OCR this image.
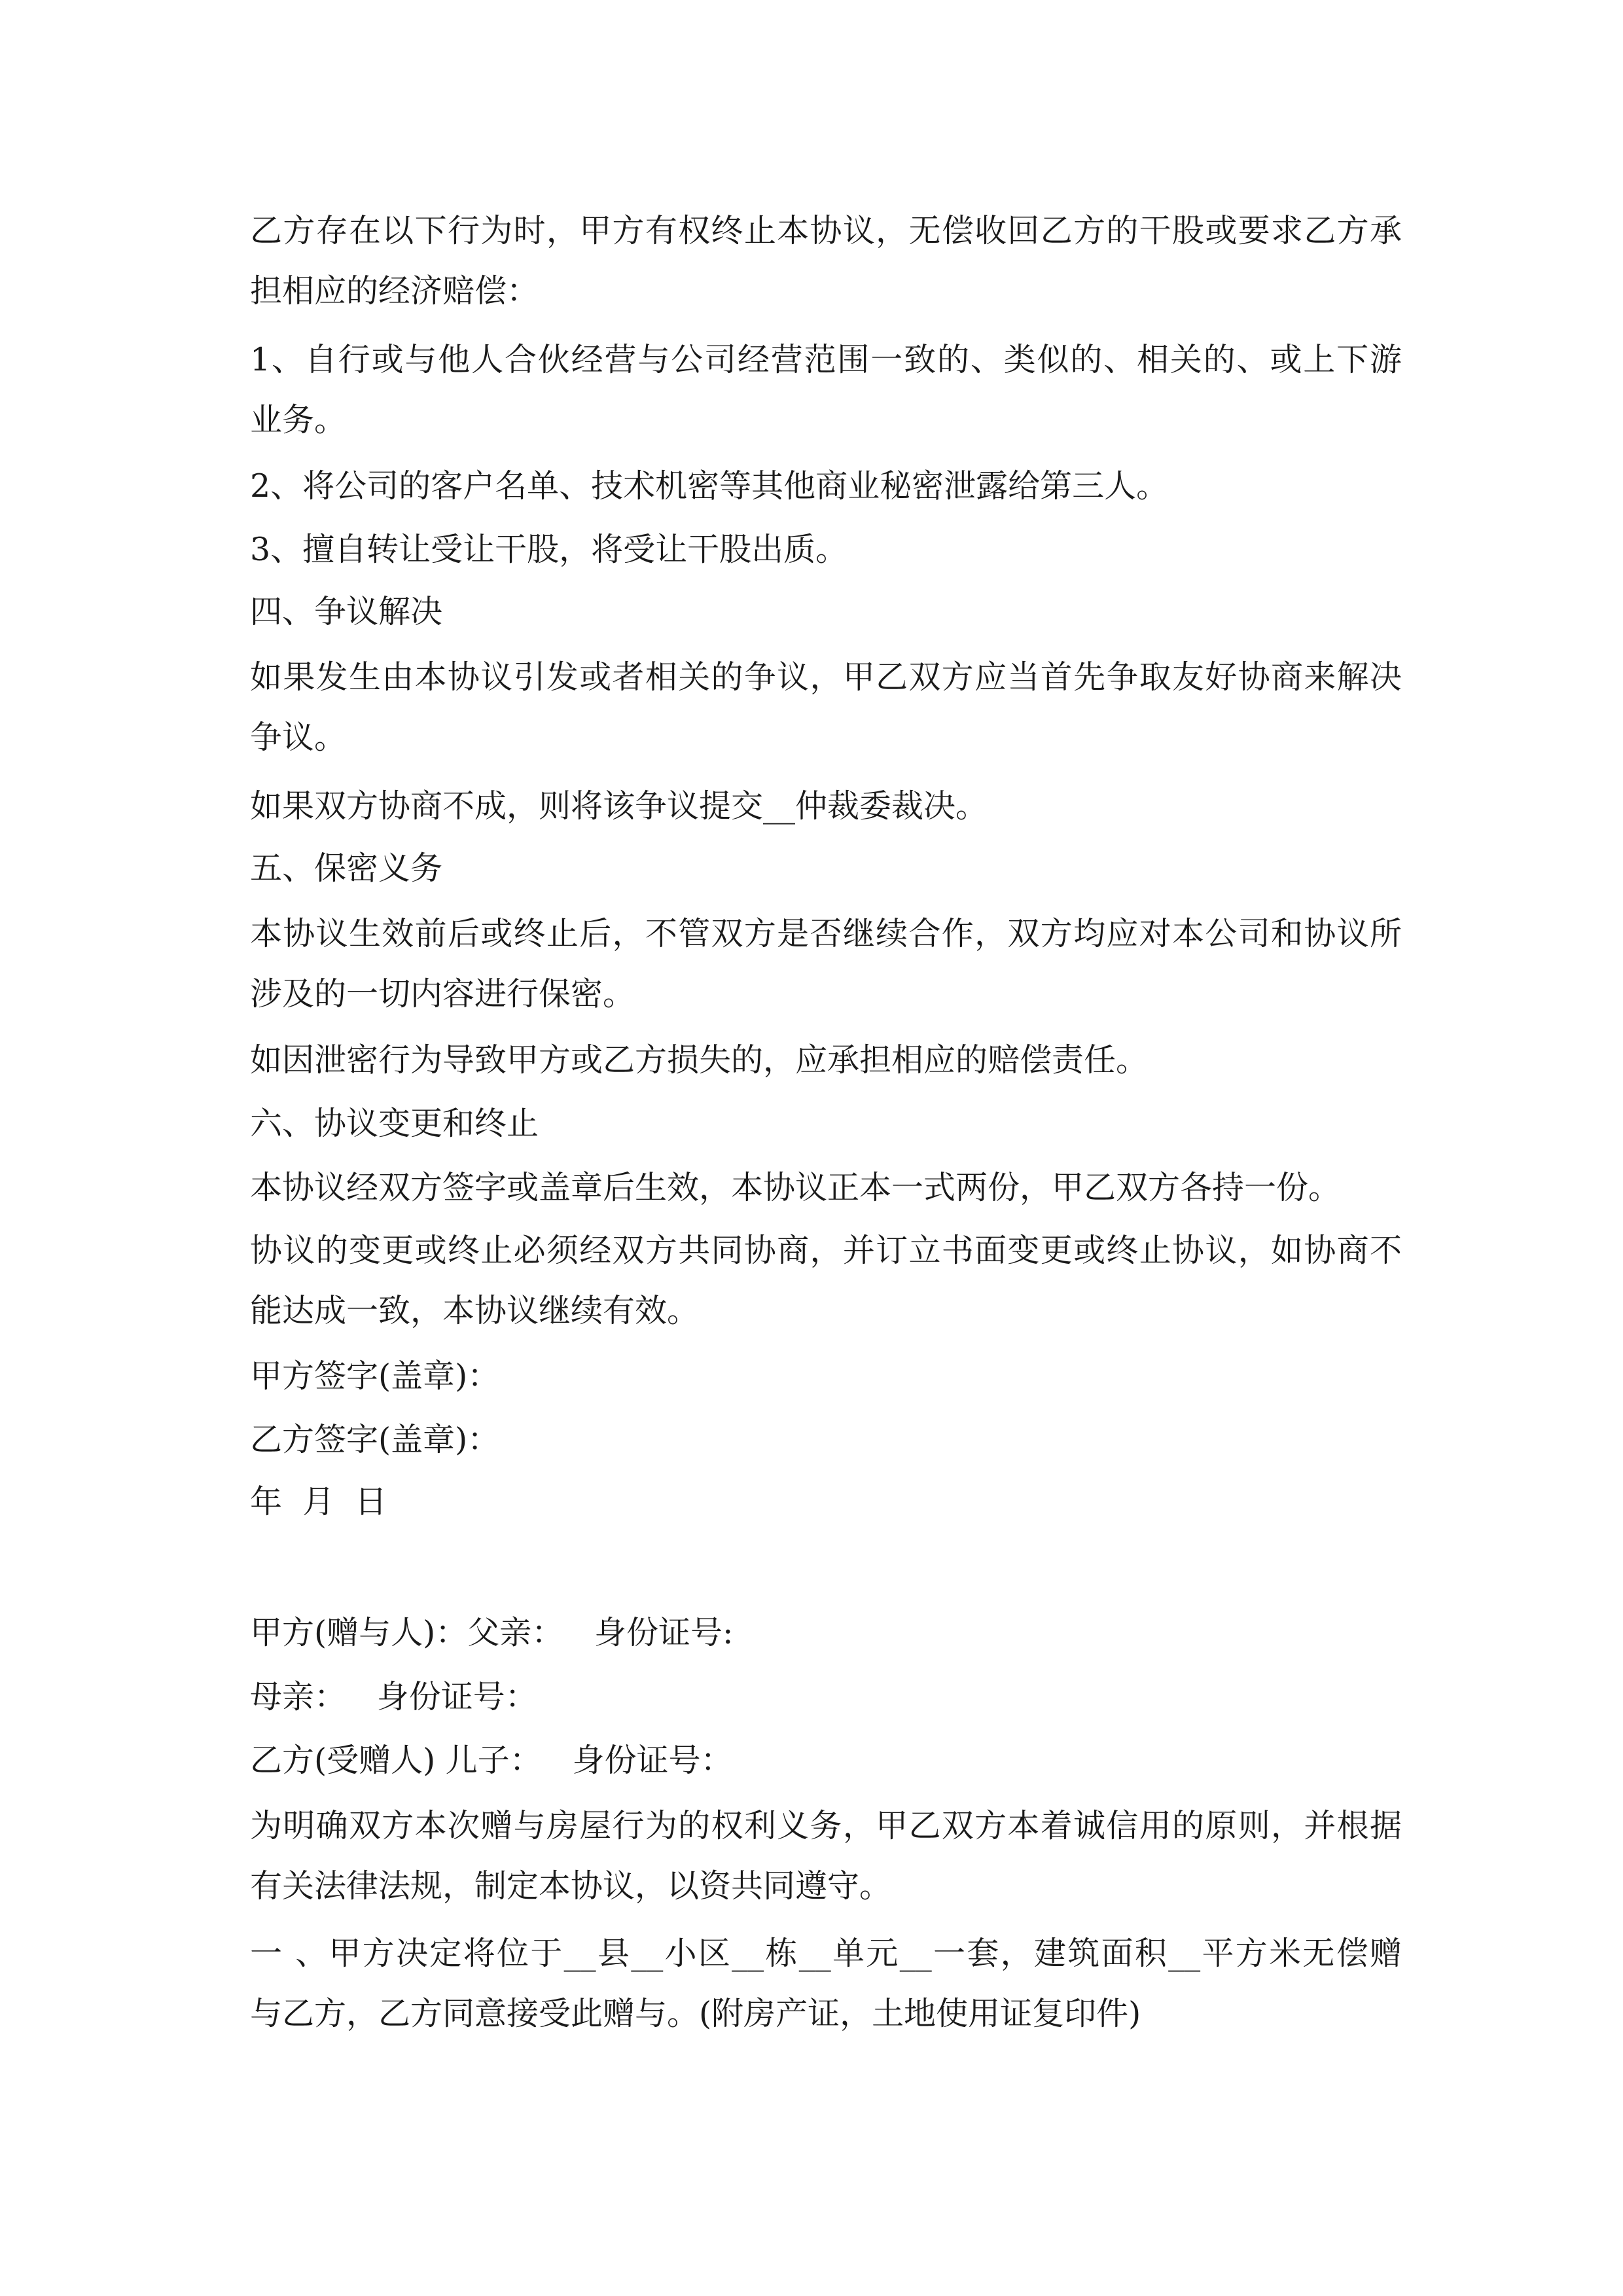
乙方存在以下行为时，甲方有权终止本协议，无偿收回乙方的干股或要求乙方承
担相应的经济赔偿：
1、自行或与他人合伙经营与公司经营范围一致的、类似的、相关的、或上下游
业务。
2、将公司的客户名单、技术机密等其他商业秘密泄露给第三人。
3、擅自转让受让干股，将受让干股出质。
四、争议解决
如果发生由本协议引发或者相关的争议，甲乙双方应当首先争取友好协商来解决
争议。
如果双方协商不成，则将该争议提交__仲裁委裁决。
五、保密义务
本协议生效前后或终止后，不管双方是否继续合作，双方均应对本公司和协议所
涉及的一切内容进行保密。
如因泄密行为导致甲方或乙方损失的，应承担相应的赔偿责任。
六、协议变更和终止
本协议经双方签字或盖章后生效，本协议正本一式两份，甲乙双方各持一份。
协议的变更或终止必须经双方共同协商，并订立书面变更或终止协议，如协商不
能达成一致，本协议继续有效。
甲方签字(盖章)：
乙方签字(盖章)：
年  月  日
甲方(赠与人)：父亲：   身份证号:
母亲：   身份证号：
乙方(受赠人) 儿子：   身份证号：
为明确双方本次赠与房屋行为的权利义务，甲乙双方本着诚信用的原则，并根据
有关法律法规，制定本协议，以资共同遵守。
一 、甲方决定将位于__县__小区__栋__单元__一套，建筑面积__平方米无偿赠
与乙方，乙方同意接受此赠与。(附房产证，土地使用证复印件)
